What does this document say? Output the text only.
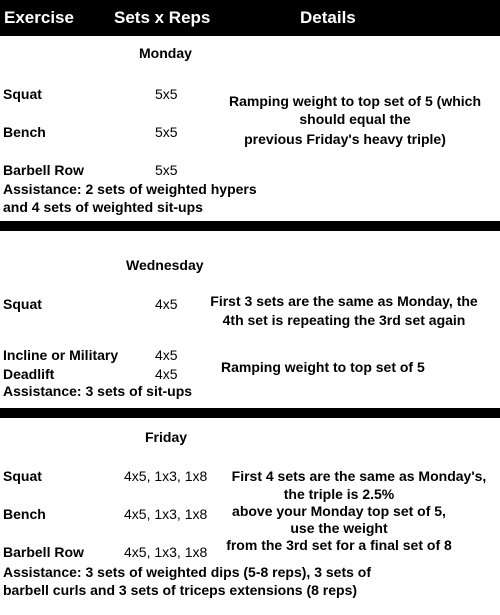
Exercise Sets x Reps	Details
Monday
Squat	5x5
Bench	5x5
Barbell Row	5x5
Ramping weight to top set of 5 (which
should equal the
previous Friday's heavy triple)
Assistance: 2 sets of weighted hypers
and 4 sets of weighted sit-ups
Wednesday
Squat	4x5	First 3 sets are the same as Monday, the
4th set is repeating the 3rd set again
Incline or Military	4x5
Deadlift	4x5	Ramping weight to top set of 5
Assistance: 3 sets of sit-ups
Friday
Squat	4x5, 1x3, 1x8
Bench	4x5, 1x3, 1x8
Barbell Row	4x5, 1x3, 1x8
First 4 sets are the same as Monday's,
the triple is 2.5%
above your Monday top set of 5,
use the weight
from the 3rd set for a final set of 8
Assistance: 3 sets of weighted dips (5-8 reps), 3 sets of
barbell curls and 3 sets of triceps extensions (8 reps)
